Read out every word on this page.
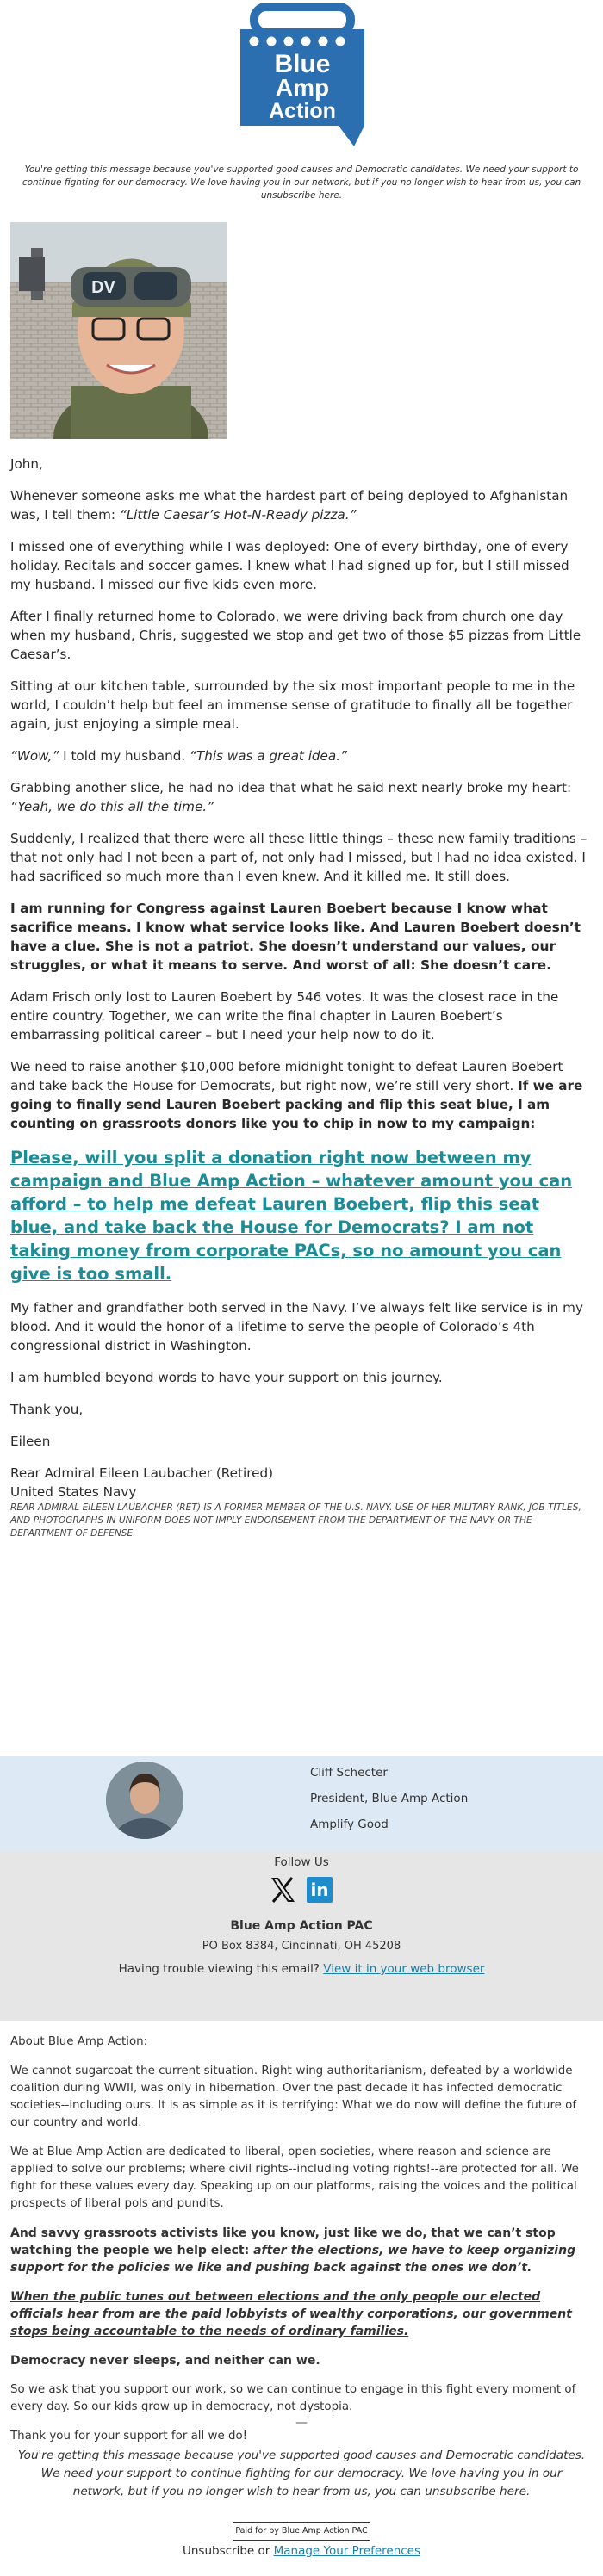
Blue
Amp
Action
You're getting this message because you've supported good causes and Democratic candidates. We need your support to continue fighting for our democracy. We love having you in our network, but if you no longer wish to hear from us, you can unsubscribe here.
DV

John,

Whenever someone asks me what the hardest part of being deployed to Afghanistan was, I tell them: “Little Caesar’s Hot-N-Ready pizza.”

I missed one of everything while I was deployed: One of every birthday, one of every holiday. Recitals and soccer games. I knew what I had signed up for, but I still missed my husband. I missed our five kids even more.

After I finally returned home to Colorado, we were driving back from church one day when my husband, Chris, suggested we stop and get two of those $5 pizzas from Little Caesar’s.

Sitting at our kitchen table, surrounded by the six most important people to me in the world, I couldn’t help but feel an immense sense of gratitude to finally all be together again, just enjoying a simple meal.

“Wow,” I told my husband. “This was a great idea.”

Grabbing another slice, he had no idea that what he said next nearly broke my heart: “Yeah, we do this all the time.”

Suddenly, I realized that there were all these little things – these new family traditions – that not only had I not been a part of, not only had I missed, but I had no idea existed. I had sacrificed so much more than I even knew. And it killed me. It still does.

I am running for Congress against Lauren Boebert because I know what sacrifice means. I know what service looks like. And Lauren Boebert doesn’t have a clue. She is not a patriot. She doesn’t understand our values, our struggles, or what it means to serve. And worst of all: She doesn’t care.

Adam Frisch only lost to Lauren Boebert by 546 votes. It was the closest race in the entire country. Together, we can write the final chapter in Lauren Boebert’s embarrassing political career – but I need your help now to do it.

We need to raise another $10,000 before midnight tonight to defeat Lauren Boebert and take back the House for Democrats, but right now, we’re still very short. If we are going to finally send Lauren Boebert packing and flip this seat blue, I am counting on grassroots donors like you to chip in now to my campaign:

Please, will you split a donation right now between my campaign and Blue Amp Action – whatever amount you can afford – to help me defeat Lauren Boebert, flip this seat blue, and take back the House for Democrats? I am not taking money from corporate PACs, so no amount you can give is too small.

My father and grandfather both served in the Navy. I’ve always felt like service is in my blood. And it would the honor of a lifetime to serve the people of Colorado’s 4th congressional district in Washington.

I am humbled beyond words to have your support on this journey.

Thank you,

Eileen

Rear Admiral Eileen Laubacher (Retired)
United States Navy

REAR ADMIRAL EILEEN LAUBACHER (RET) IS A FORMER MEMBER OF THE U.S. NAVY. USE OF HER MILITARY RANK, JOB TITLES, AND PHOTOGRAPHS IN UNIFORM DOES NOT IMPLY ENDORSEMENT FROM THE DEPARTMENT OF THE NAVY OR THE DEPARTMENT OF DEFENSE.

Cliff Schecter
President, Blue Amp Action
Amplify Good
Follow Us
in
Blue Amp Action PAC
PO Box 8384, Cincinnati, OH 45208
Having trouble viewing this email? View it in your web browser

About Blue Amp Action:

We cannot sugarcoat the current situation. Right-wing authoritarianism, defeated by a worldwide coalition during WWII, was only in hibernation. Over the past decade it has infected democratic societies--including ours. It is as simple as it is terrifying: What we do now will define the future of our country and world.

We at Blue Amp Action are dedicated to liberal, open societies, where reason and science are applied to solve our problems; where civil rights--including voting rights!--are protected for all. We fight for these values every day. Speaking up on our platforms, raising the voices and the political prospects of liberal pols and pundits.

And savvy grassroots activists like you know, just like we do, that we can’t stop watching the people we help elect: after the elections, we have to keep organizing support for the policies we like and pushing back against the ones we don’t.

When the public tunes out between elections and the only people our elected officials hear from are the paid lobbyists of wealthy corporations, our government stops being accountable to the needs of ordinary families.

Democracy never sleeps, and neither can we.

So we ask that you support our work, so we can continue to engage in this fight every moment of every day. So our kids grow up in democracy, not dystopia.

Thank you for your support for all we do!

—
You're getting this message because you've supported good causes and Democratic candidates. We need your support to continue fighting for our democracy. We love having you in our network, but if you no longer wish to hear from us, you can unsubscribe here.
Paid for by Blue Amp Action PAC
Unsubscribe or Manage Your Preferences
